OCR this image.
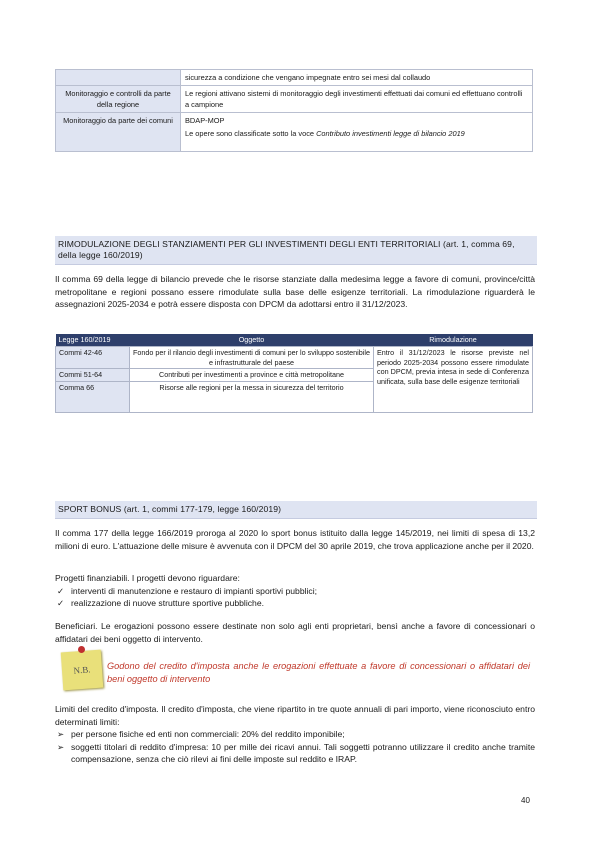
	sicurezza a condizione che vengano impegnate entro sei mesi dal collaudo
Monitoraggio e controlli da parte della regione	Le regioni attivano sistemi di monitoraggio degli investimenti effettuati dai comuni ed effettuano controlli a campione
Monitoraggio da parte dei comuni	BDAP-MOP
Le opere sono classificate sotto la voce Contributo investimenti legge di bilancio 2019
RIMODULAZIONE DEGLI STANZIAMENTI PER GLI INVESTIMENTI DEGLI ENTI TERRITORIALI (art. 1, comma 69, della legge 160/2019)
Il comma 69 della legge di bilancio prevede che le risorse stanziate dalla medesima legge a favore di comuni, province/città metropolitane e regioni possano essere rimodulate sulla base delle esigenze territoriali. La rimodulazione riguarderà le assegnazioni 2025-2034 e potrà essere disposta con DPCM da adottarsi entro il 31/12/2023.
Legge 160/2019	Oggetto	Rimodulazione
Commi 42-46	Fondo per il rilancio degli investimenti di comuni per lo sviluppo sostenibile e infrastrutturale del paese	Entro il 31/12/2023 le risorse previste nel periodo 2025-2034 possono essere rimodulate con DPCM, previa intesa in sede di Conferenza unificata, sulla base delle esigenze territoriali
Commi 51-64	Contributi per investimenti a province e città metropolitane	
Comma 66	Risorse alle regioni per la messa in sicurezza del territorio	
SPORT BONUS (art. 1, commi 177-179, legge 160/2019)
Il comma 177 della legge 166/2019 proroga al 2020 lo sport bonus istituito dalla legge 145/2019, nei limiti di spesa di 13,2 milioni di euro. L'attuazione delle misure è avvenuta con il DPCM del 30 aprile 2019, che trova applicazione anche per il 2020.
Progetti finanziabili. I progetti devono riguardare:
✓ interventi di manutenzione e restauro di impianti sportivi pubblici;
✓ realizzazione di nuove strutture sportive pubbliche.
Beneficiari. Le erogazioni possono essere destinate non solo agli enti proprietari, bensì anche a favore di concessionari o affidatari dei beni oggetto di intervento.
N.B. Godono del credito d'imposta anche le erogazioni effettuate a favore di concessionari o affidatari dei beni oggetto di intervento
Limiti del credito d'imposta. Il credito d'imposta, che viene ripartito in tre quote annuali di pari importo, viene riconosciuto entro determinati limiti:
➢ per persone fisiche ed enti non commerciali: 20% del reddito imponibile;
➢ soggetti titolari di reddito d'impresa: 10 per mille dei ricavi annui. Tali soggetti potranno utilizzare il credito anche tramite compensazione, senza che ciò rilevi ai fini delle imposte sul reddito e IRAP.
40
